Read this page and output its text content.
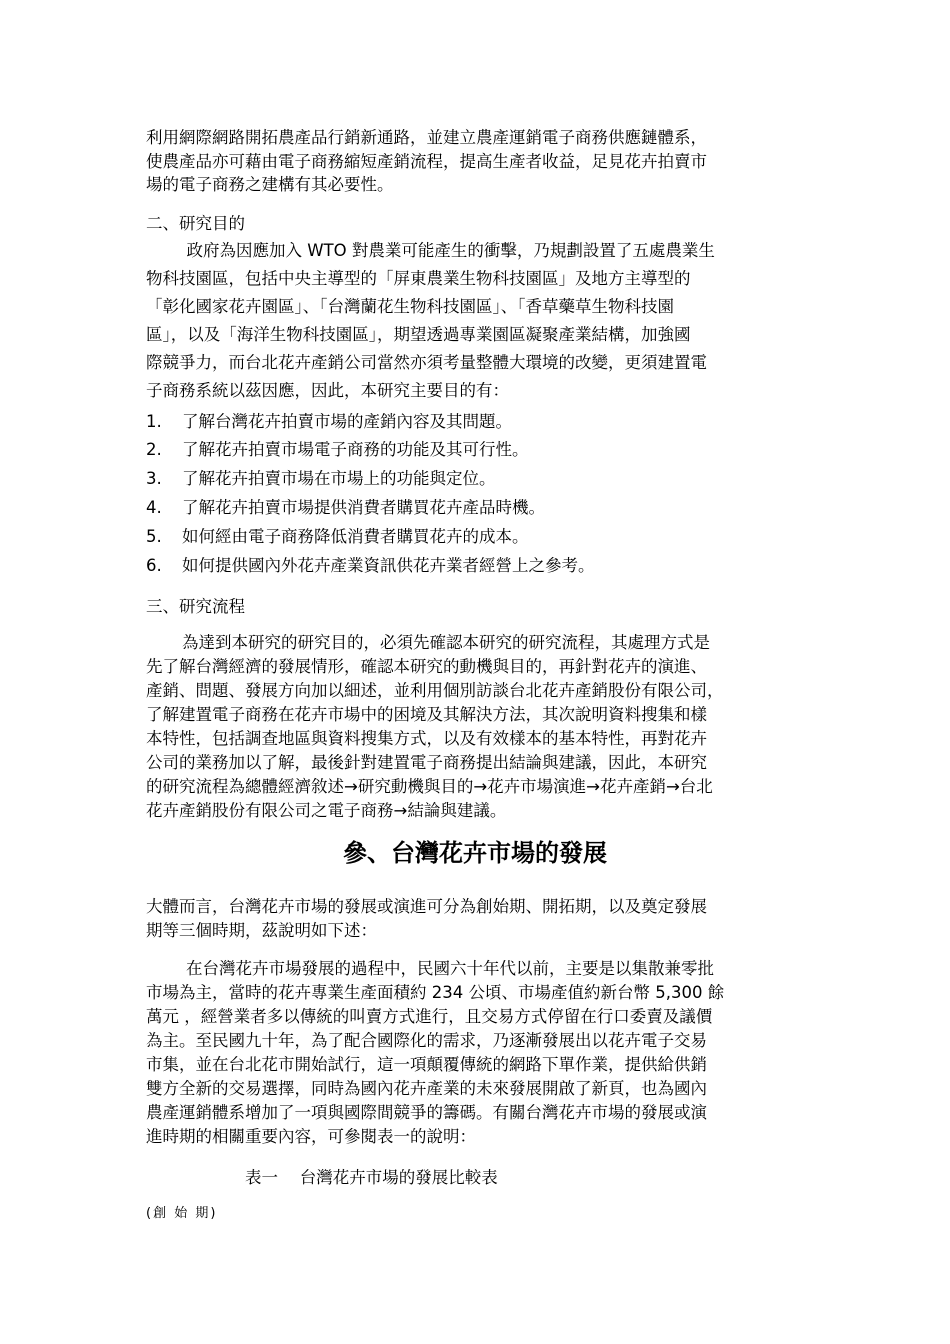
利用網際網路開拓農產品行銷新通路，並建立農產運銷電子商務供應鏈體系，
使農產品亦可藉由電子商務縮短產銷流程，提高生產者收益，足見花卉拍賣市
場的電子商務之建構有其必要性。
二、研究目的
　政府為因應加入 WTO 對農業可能產生的衝擊，乃規劃設置了五處農業生
物科技園區，包括中央主導型的「屏東農業生物科技園區」及地方主導型的
「彰化國家花卉園區」、「台灣蘭花生物科技園區」、「香草藥草生物科技園
區」，以及「海洋生物科技園區」，期望透過專業園區凝聚產業結構，加強國
際競爭力，而台北花卉產銷公司當然亦須考量整體大環境的改變，更須建置電
子商務系統以茲因應，因此，本研究主要目的有：
1. 了解台灣花卉拍賣市場的產銷內容及其問題。
2. 了解花卉拍賣市場電子商務的功能及其可行性。
3. 了解花卉拍賣市場在市場上的功能與定位。
4. 了解花卉拍賣市場提供消費者購買花卉產品時機。
5. 如何經由電子商務降低消費者購買花卉的成本。
6. 如何提供國內外花卉產業資訊供花卉業者經營上之參考。
三、研究流程
為達到本研究的研究目的，必須先確認本研究的研究流程，其處理方式是
先了解台灣經濟的發展情形，確認本研究的動機與目的，再針對花卉的演進、
產銷、問題、發展方向加以細述，並利用個別訪談台北花卉產銷股份有限公司，
了解建置電子商務在花卉市場中的困境及其解決方法，其次說明資料搜集和樣
本特性，包括調查地區與資料搜集方式，以及有效樣本的基本特性，再對花卉
公司的業務加以了解，最後針對建置電子商務提出結論與建議，因此，本研究
的研究流程為總體經濟敘述→研究動機與目的→花卉市場演進→花卉產銷→台北
花卉產銷股份有限公司之電子商務→結論與建議。
參、台灣花卉市場的發展
大體而言，台灣花卉市場的發展或演進可分為創始期、開拓期，以及奠定發展
期等三個時期，茲說明如下述：
在台灣花卉市場發展的過程中，民國六十年代以前，主要是以集散兼零批
市場為主，當時的花卉專業生產面積約 234 公頃、市場產值約新台幣 5,300 餘
萬元 ，經營業者多以傳統的叫賣方式進行，且交易方式停留在行口委賣及議價
為主。至民國九十年，為了配合國際化的需求，乃逐漸發展出以花卉電子交易
市集，並在台北花市開始試行，這一項顛覆傳統的網路下單作業，提供給供銷
雙方全新的交易選擇，同時為國內花卉產業的未來發展開啟了新頁，也為國內
農產運銷體系增加了一項與國際間競爭的籌碼。有關台灣花卉市場的發展或演
進時期的相關重要內容，可參閱表一的說明：
表一　 台灣花卉市場的發展比較表
(創 始 期)
